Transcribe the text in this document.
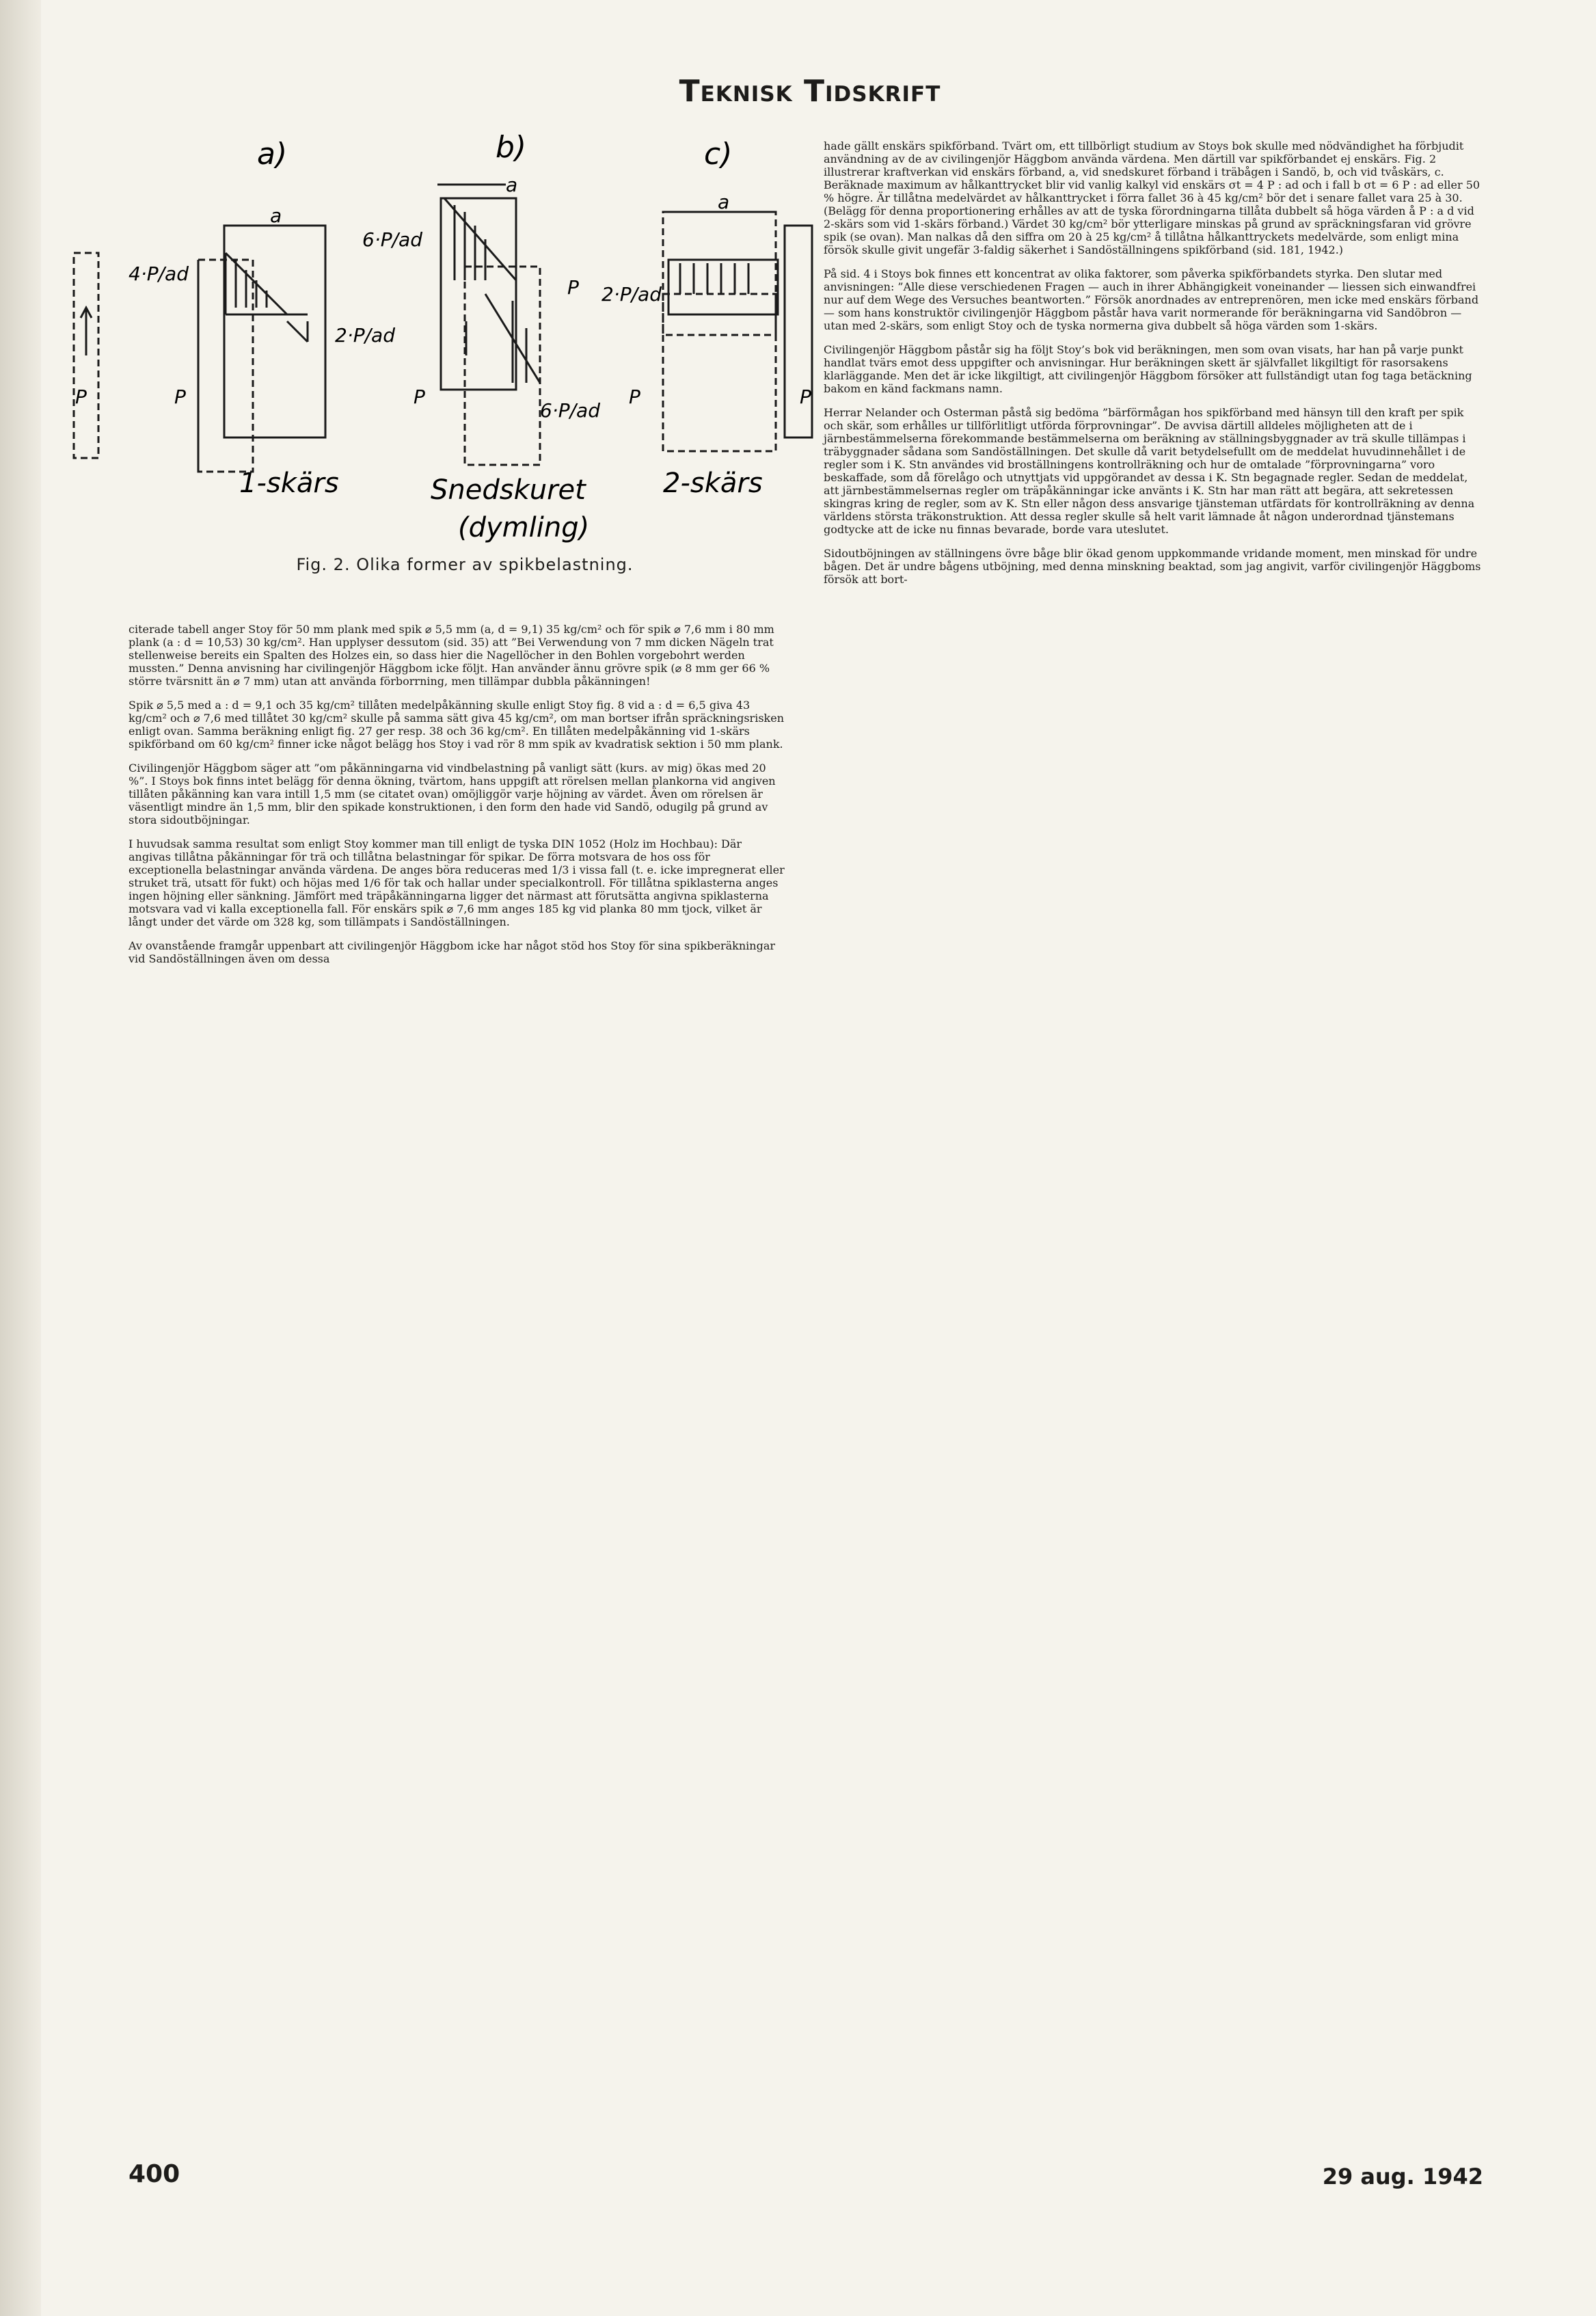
Teknisk Tidskrift
a)	b)	c)
a
a
a
4·P/ad
6·P/ad
2·P/ad
2·P/ad
6·P/ad
P	P	P
P
P	P
1-skärs	Snedskuret
(dymling)
2-skärs
Fig. 2. Olika former av spikbelastning.

citerade tabell anger Stoy för 50 mm plank med spik ⌀ 5,5 mm (a, d = 9,1) 35 kg/cm² och för spik ⌀ 7,6 mm i 80 mm plank (a : d = 10,53) 30 kg/cm². Han upplyser dessutom (sid. 35) att ”Bei Verwendung von 7 mm dicken Nägeln trat stellenweise bereits ein Spalten des Holzes ein, so dass hier die Nagellöcher in den Bohlen vorgebohrt werden mussten.” Denna anvisning har civilingenjör Häggbom icke följt. Han använder ännu grövre spik (⌀ 8 mm ger 66 % större tvärsnitt än ⌀ 7 mm) utan att använda förborrning, men tillämpar dubbla påkänningen!

Spik ⌀ 5,5 med a : d = 9,1 och 35 kg/cm² tillåten medelpåkänning skulle enligt Stoy fig. 8 vid a : d = 6,5 giva 43 kg/cm² och ⌀ 7,6 med tillåtet 30 kg/cm² skulle på samma sätt giva 45 kg/cm², om man bortser ifrån spräckningsrisken enligt ovan. Samma beräkning enligt fig. 27 ger resp. 38 och 36 kg/cm². En tillåten medelpåkänning vid 1-skärs spikförband om 60 kg/cm² finner icke något belägg hos Stoy i vad rör 8 mm spik av kvadratisk sektion i 50 mm plank.

Civilingenjör Häggbom säger att ”om påkänningarna vid vindbelastning på vanligt sätt (kurs. av mig) ökas med 20 %”. I Stoys bok finns intet belägg för denna ökning, tvärtom, hans uppgift att rörelsen mellan plankorna vid angiven tillåten påkänning kan vara intill 1,5 mm (se citatet ovan) omöjliggör varje höjning av värdet. Även om rörelsen är väsentligt mindre än 1,5 mm, blir den spikade konstruktionen, i den form den hade vid Sandö, odugilg på grund av stora sidoutböjningar.

I huvudsak samma resultat som enligt Stoy kommer man till enligt de tyska DIN 1052 (Holz im Hochbau): Där angivas tillåtna påkänningar för trä och tillåtna belastningar för spikar. De förra motsvara de hos oss för exceptionella belastningar använda värdena. De anges böra reduceras med 1/3 i vissa fall (t. e. icke impregnerat eller struket trä, utsatt för fukt) och höjas med 1/6 för tak och hallar under specialkontroll. För tillåtna spiklasterna anges ingen höjning eller sänkning. Jämfört med träpåkänningarna ligger det närmast att förutsätta angivna spiklasterna motsvara vad vi kalla exceptionella fall. För enskärs spik ⌀ 7,6 mm anges 185 kg vid planka 80 mm tjock, vilket är långt under det värde om 328 kg, som tillämpats i Sandöställningen.

Av ovanstående framgår uppenbart att civilingenjör Häggbom icke har något stöd hos Stoy för sina spikberäkningar vid Sandöställningen även om dessa

hade gällt enskärs spikförband. Tvärt om, ett tillbörligt studium av Stoys bok skulle med nödvändighet ha förbjudit användning av de av civilingenjör Häggbom använda värdena. Men därtill var spikförbandet ej enskärs. Fig. 2 illustrerar kraftverkan vid enskärs förband, a, vid snedskuret förband i träbågen i Sandö, b, och vid tvåskärs, c. Beräknade maximum av hålkanttrycket blir vid vanlig kalkyl vid enskärs σt = 4 P : ad och i fall b σt = 6 P : ad eller 50 % högre. Är tillåtna medelvärdet av hålkanttrycket i förra fallet 36 à 45 kg/cm² bör det i senare fallet vara 25 à 30. (Belägg för denna proportionering erhålles av att de tyska förordningarna tillåta dubbelt så höga värden å P : a d vid 2-skärs som vid 1-skärs förband.) Värdet 30 kg/cm² bör ytterligare minskas på grund av spräckningsfaran vid grövre spik (se ovan). Man nalkas då den siffra om 20 à 25 kg/cm² å tillåtna hålkanttryckets medelvärde, som enligt mina försök skulle givit ungefär 3-faldig säkerhet i Sandöställningens spikförband (sid. 181, 1942.)

På sid. 4 i Stoys bok finnes ett koncentrat av olika faktorer, som påverka spikförbandets styrka. Den slutar med anvisningen: ”Alle diese verschiedenen Fragen — auch in ihrer Abhängigkeit voneinander — liessen sich einwandfrei nur auf dem Wege des Versuches beantworten.” Försök anordnades av entreprenören, men icke med enskärs förband — som hans konstruktör civilingenjör Häggbom påstår hava varit normerande för beräkningarna vid Sandöbron — utan med 2-skärs, som enligt Stoy och de tyska normerna giva dubbelt så höga värden som 1-skärs.

Civilingenjör Häggbom påstår sig ha följt Stoy’s bok vid beräkningen, men som ovan visats, har han på varje punkt handlat tvärs emot dess uppgifter och anvisningar. Hur beräkningen skett är självfallet likgiltigt för rasorsakens klarläggande. Men det är icke likgiltigt, att civilingenjör Häggbom försöker att fullständigt utan fog taga betäckning bakom en känd fackmans namn.

Herrar Nelander och Osterman påstå sig bedöma ”bärförmågan hos spikförband med hänsyn till den kraft per spik och skär, som erhålles ur tillförlitligt utförda förprovningar”. De avvisa därtill alldeles möjligheten att de i järnbestämmelserna förekommande bestämmelserna om beräkning av ställningsbyggnader av trä skulle tillämpas i träbyggnader sådana som Sandöställningen. Det skulle då varit betydelsefullt om de meddelat huvudinnehållet i de regler som i K. Stn användes vid broställningens kontrollräkning och hur de omtalade ”förprovningarna” voro beskaffade, som då förelågo och utnyttjats vid uppgörandet av dessa i K. Stn begagnade regler. Sedan de meddelat, att järnbestämmelsernas regler om träpåkänningar icke använts i K. Stn har man rätt att begära, att sekretessen skingras kring de regler, som av K. Stn eller någon dess ansvarige tjänsteman utfärdats för kontrollräkning av denna världens största träkonstruktion. Att dessa regler skulle så helt varit lämnade åt någon underordnad tjänstemans godtycke att de icke nu finnas bevarade, borde vara uteslutet.

Sidoutböjningen av ställningens övre båge blir ökad genom uppkommande vridande moment, men minskad för undre bågen. Det är undre bågens utböjning, med denna minskning beaktad, som jag angivit, varför civilingenjör Häggboms försök att bort-

400	29 aug. 1942
